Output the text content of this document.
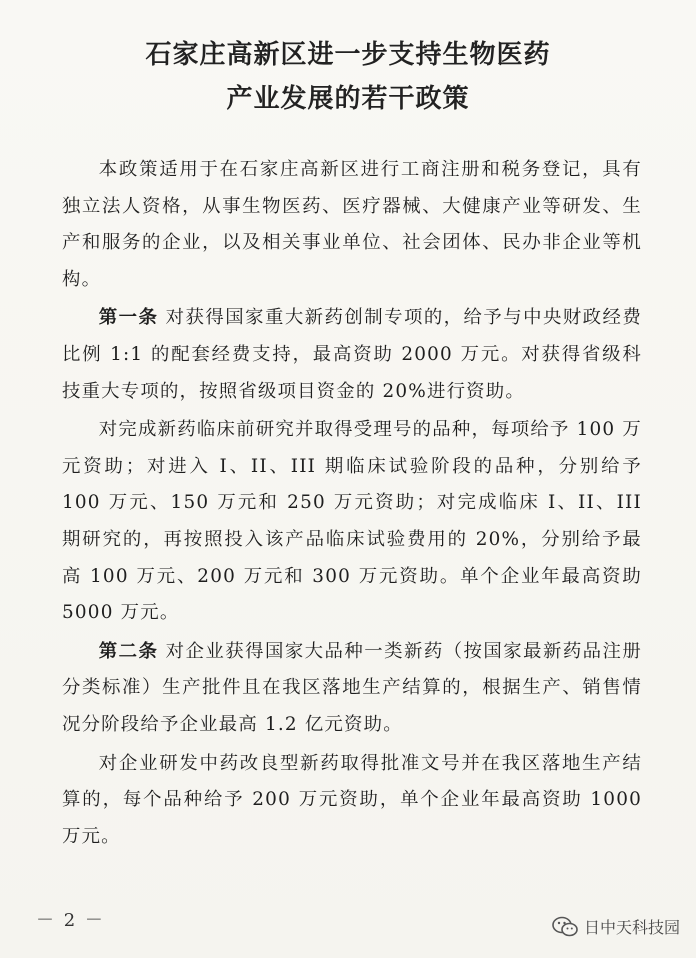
石家庄高新区进一步支持生物医药
产业发展的若干政策

本政策适用于在石家庄高新区进行工商注册和税务登记，具有独立法人资格，从事生物医药、医疗器械、大健康产业等研发、生产和服务的企业，以及相关事业单位、社会团体、民办非企业等机构。

第一条 对获得国家重大新药创制专项的，给予与中央财政经费比例 1:1 的配套经费支持，最高资助 2000 万元。对获得省级科技重大专项的，按照省级项目资金的 20%进行资助。

对完成新药临床前研究并取得受理号的品种，每项给予 100 万元资助；对进入 I、II、III 期临床试验阶段的品种，分别给予 100 万元、150 万元和 250 万元资助；对完成临床 I、II、III 期研究的，再按照投入该产品临床试验费用的 20%，分别给予最高 100 万元、200 万元和 300 万元资助。单个企业年最高资助 5000 万元。

第二条 对企业获得国家大品种一类新药（按国家最新药品注册分类标准）生产批件且在我区落地生产结算的，根据生产、销售情况分阶段给予企业最高 1.2 亿元资助。

对企业研发中药改良型新药取得批准文号并在我区落地生产结算的，每个品种给予 200 万元资助，单个企业年最高资助 1000 万元。

－ 2 －	日中天科技园
